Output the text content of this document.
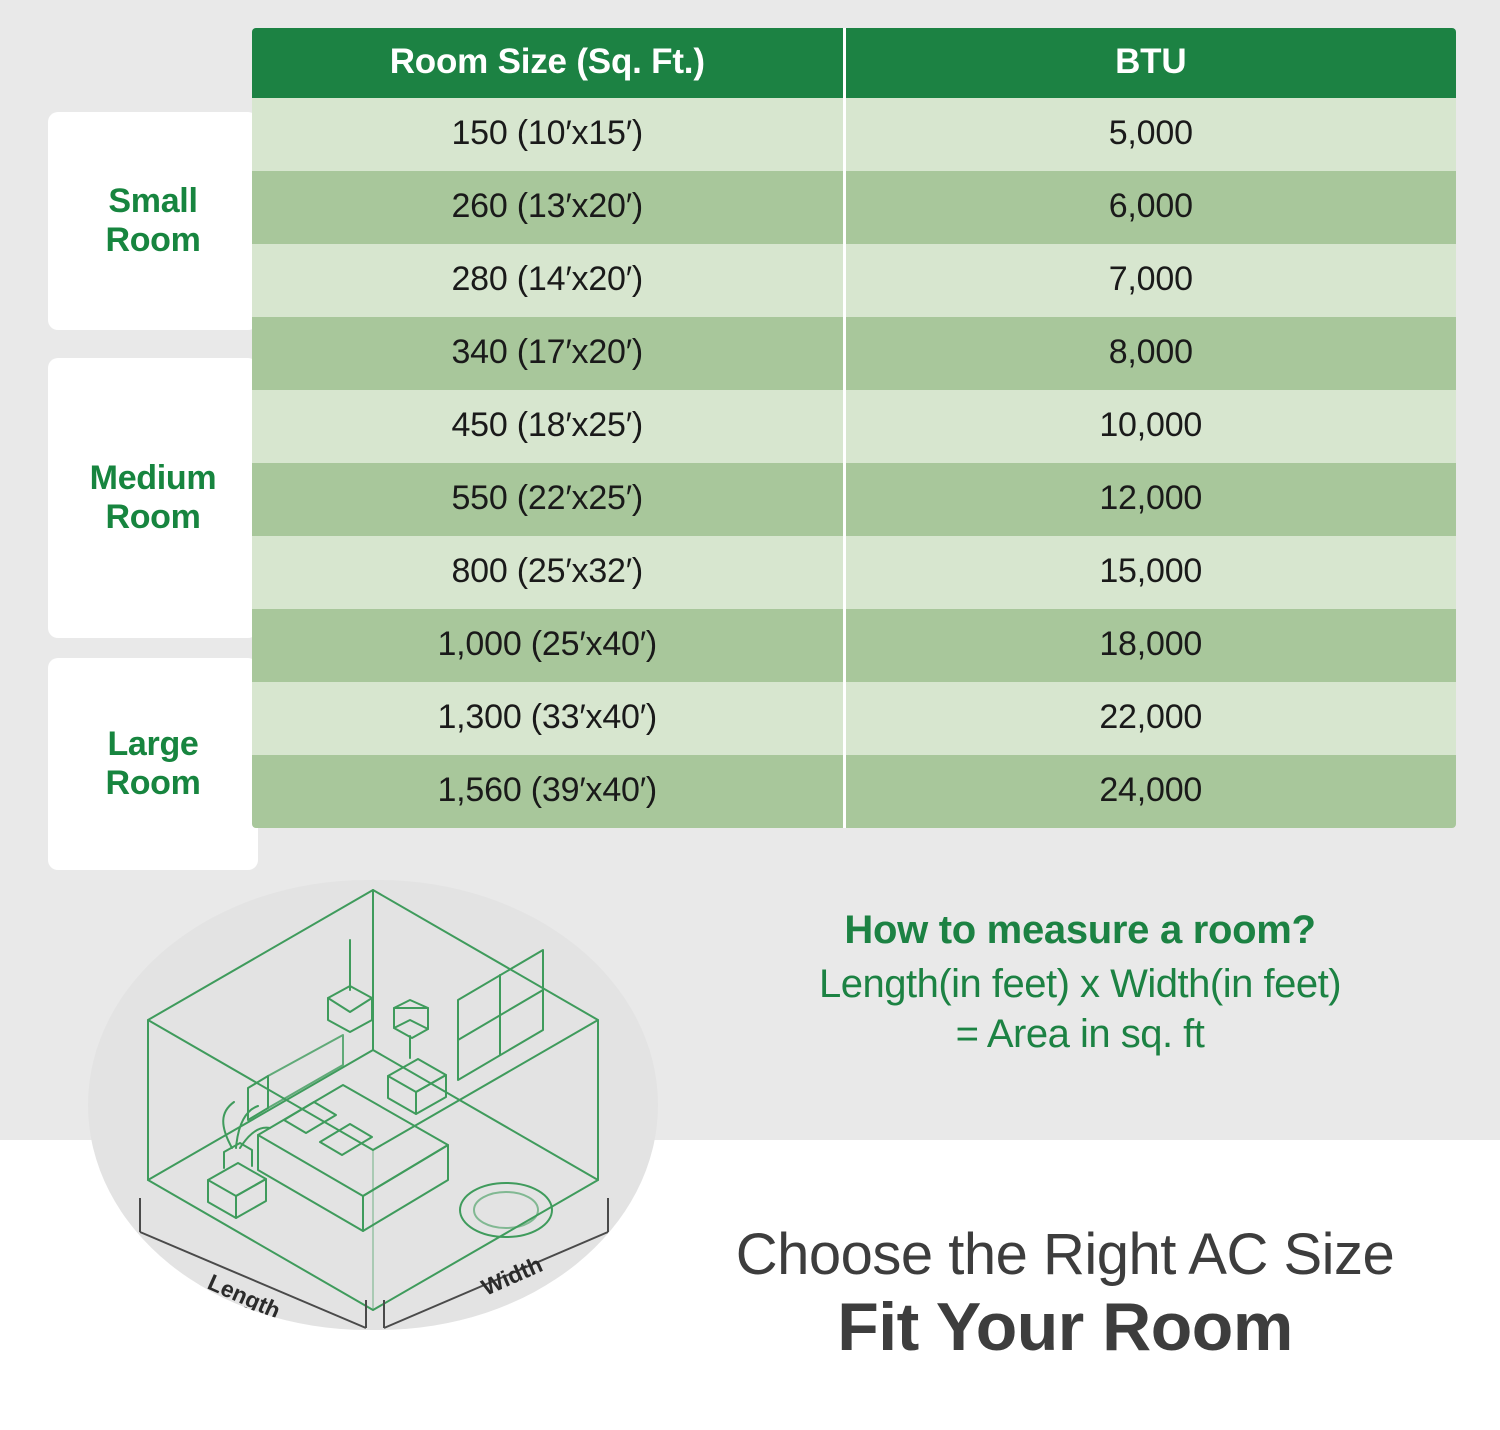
Small
Room
Medium
Room
Large
Room
Room Size (Sq. Ft.)	BTU
150 (10′x15′)	5,000
260 (13′x20′)	6,000
280 (14′x20′)	7,000
340 (17′x20′)	8,000
450 (18′x25′)	10,000
550 (22′x25′)	12,000
800 (25′x32′)	15,000
1,000 (25′x40′)	18,000
1,300 (33′x40′)	22,000
1,560 (39′x40′)	24,000
Length	Width
How to measure a room?
Length(in feet) x Width(in feet)
= Area in sq. ft
Choose the Right AC Size
Fit Your Room
